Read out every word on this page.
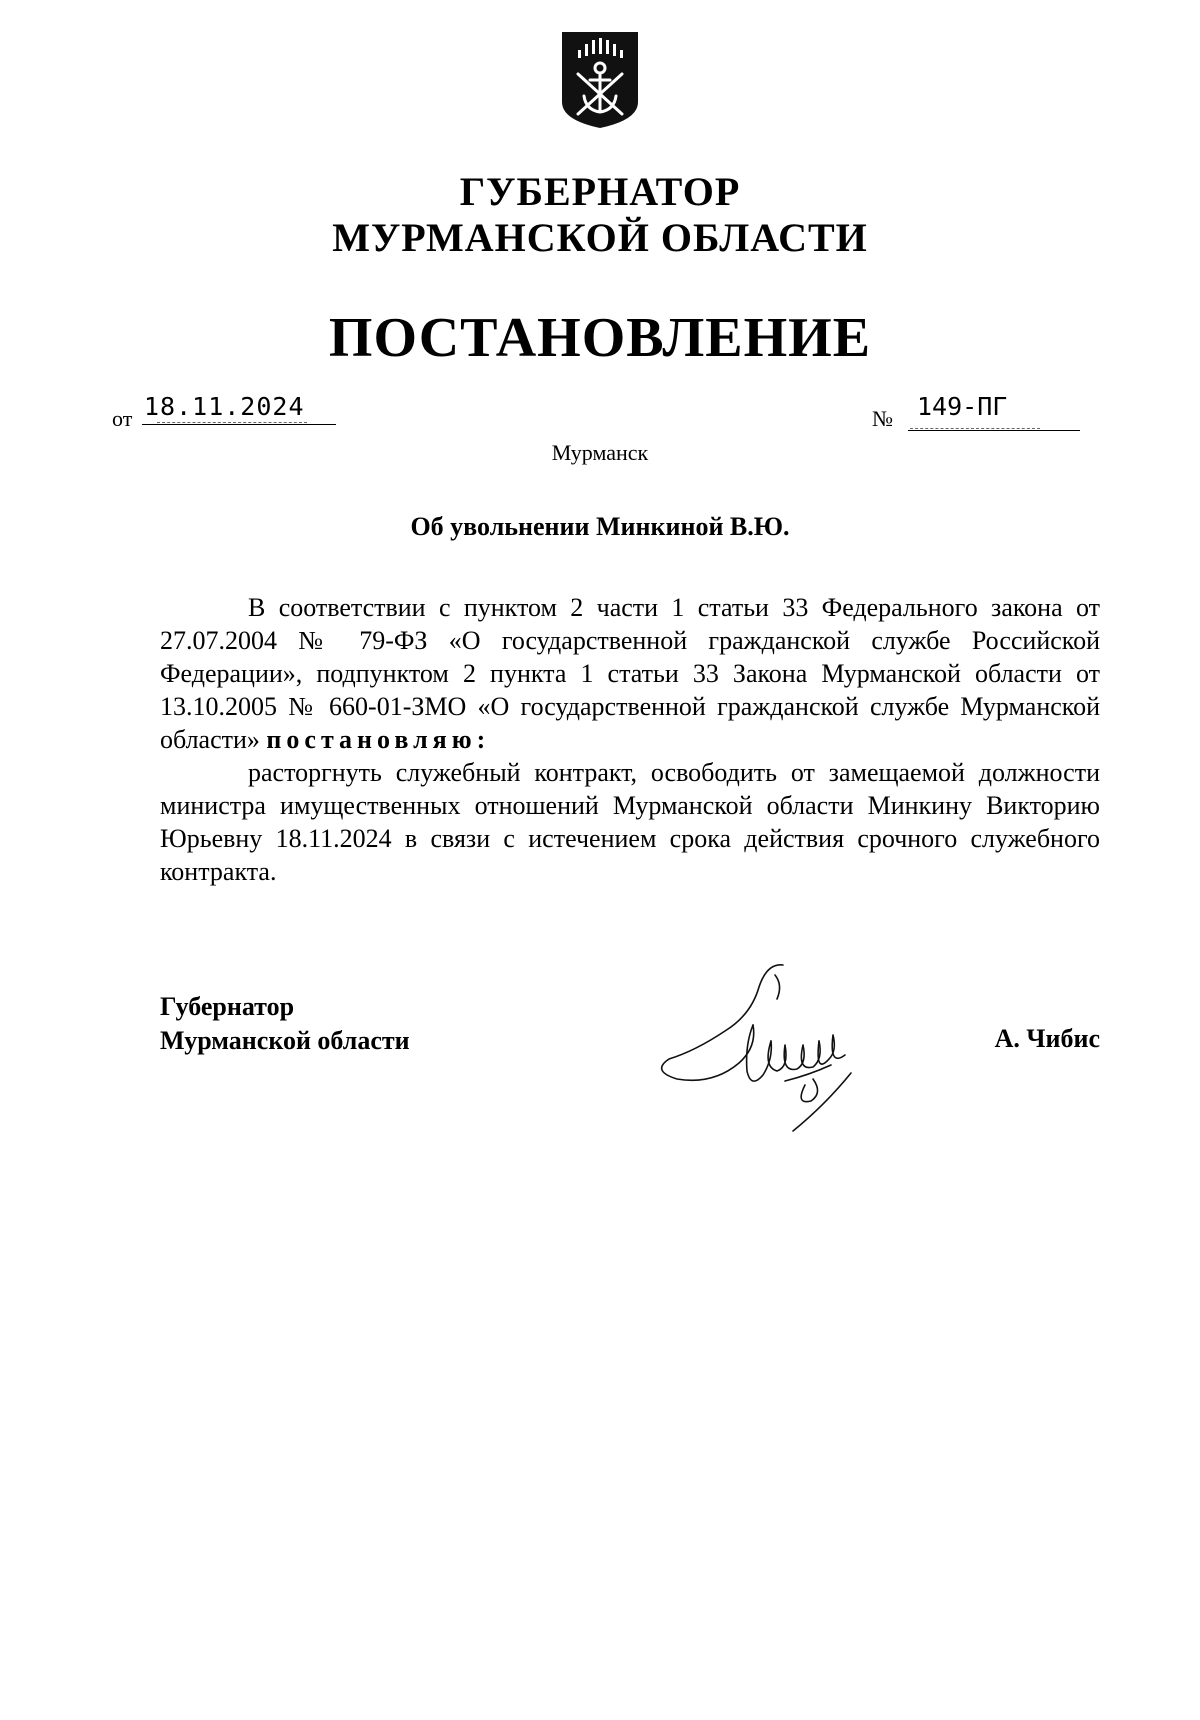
ГУБЕРНАТОР
МУРМАНСКОЙ ОБЛАСТИ
ПОСТАНОВЛЕНИЕ
от 18.11.2024	№ 149-ПГ
Мурманск
Об увольнении Минкиной В.Ю.

В соответствии с пунктом 2 части 1 статьи 33 Федерального закона от 27.07.2004 № 79-ФЗ «О государственной гражданской службе Российской Федерации», подпунктом 2 пункта 1 статьи 33 Закона Мурманской области от 13.10.2005 № 660-01-ЗМО «О государственной гражданской службе Мурманской области» постановляю:

расторгнуть служебный контракт, освободить от замещаемой должности министра имущественных отношений Мурманской области Минкину Викторию Юрьевну 18.11.2024 в связи с истечением срока действия срочного служебного контракта.

Губернатор
Мурманской области	А. Чибис
